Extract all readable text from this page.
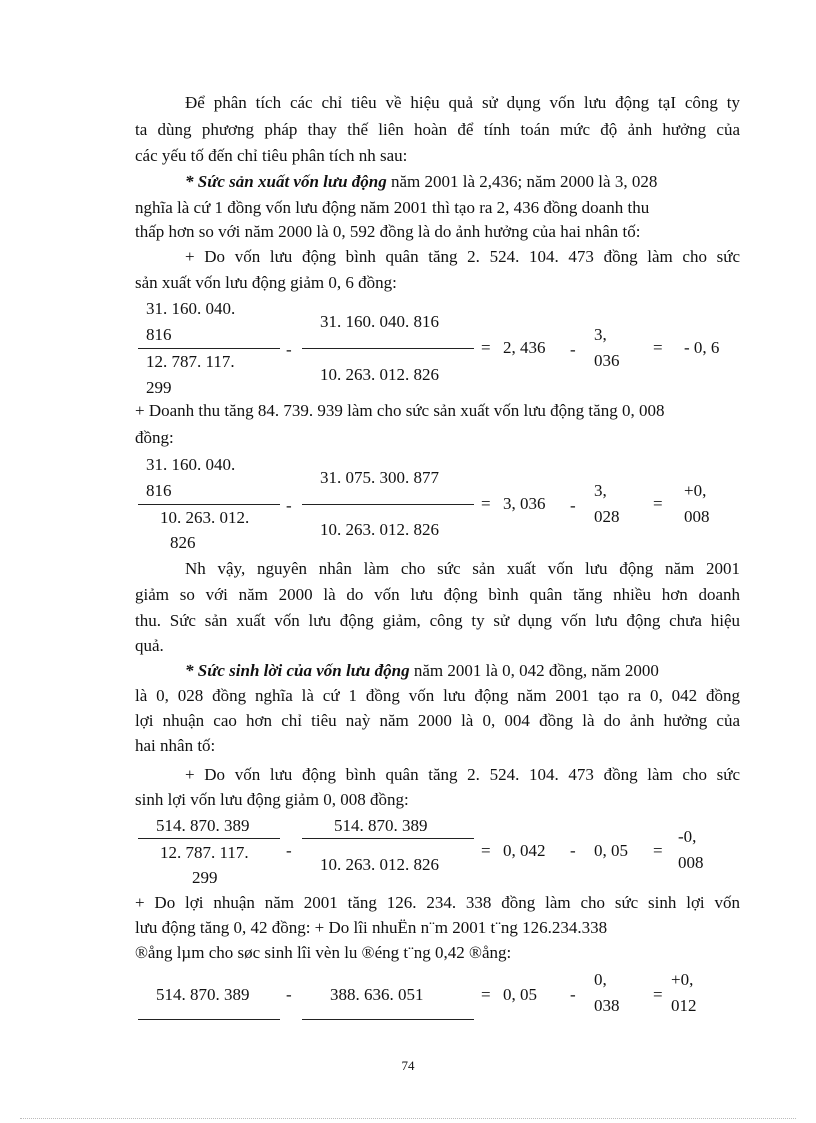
Để phân tích các chỉ tiêu về hiệu quả sử dụng vốn lưu động tạI công ty
ta dùng phương pháp thay thế liên hoàn để tính toán mức độ ảnh hưởng của
các yếu tố đến chỉ tiêu phân tích nh sau:
* Sức sản xuất vốn lưu động năm 2001 là 2,436; năm 2000 là 3, 028
nghĩa là cứ 1 đồng vốn lưu động năm 2001 thì tạo ra 2, 436 đồng doanh thu
thấp hơn so với năm 2000 là 0, 592 đồng là do ảnh hưởng của hai nhân tố:
+ Do vốn lưu động bình quân tăng 2. 524. 104. 473 đồng làm cho sức
sản xuất vốn lưu động giảm 0, 6 đồng:
31. 160. 040.
816
12. 787. 117.
299
-
31. 160. 040. 816
10. 263. 012. 826
= 2, 436 -
3,
036
= - 0, 6
+ Doanh thu tăng 84. 739. 939 làm cho sức sản xuất vốn lưu động tăng 0, 008
đồng:
31. 160. 040.
816
10. 263. 012.
826
-
31. 075. 300. 877
10. 263. 012. 826
= 3, 036 -
3,
028
=
+0,
008
Nh vậy, nguyên nhân làm cho sức sản xuất vốn lưu động năm 2001
giảm so với năm 2000 là do vốn lưu động bình quân tăng nhiều hơn doanh
thu. Sức sản xuất vốn lưu động giảm, công ty sử dụng vốn lưu động chưa hiệu
quả.
* Sức sinh lời của vốn lưu động năm 2001 là 0, 042 đồng, năm 2000
là 0, 028 đồng nghĩa là cứ 1 đồng vốn lưu động năm 2001 tạo ra 0, 042 đồng
lợi nhuận cao hơn chỉ tiêu naỳ năm 2000 là 0, 004 đồng là do ảnh hưởng của
hai nhân tố:
+ Do vốn lưu động bình quân tăng 2. 524. 104. 473 đồng làm cho sức
sinh lợi vốn lưu động giảm 0, 008 đồng:
514. 870. 389
12. 787. 117.
299
-
514. 870. 389
10. 263. 012. 826
= 0, 042 - 0, 05 =
-0,
008
+ Do lợi nhuận năm 2001 tăng 126. 234. 338 đồng làm cho sức sinh lợi vốn
lưu động tăng 0, 42 đồng: + Do lîi nhuËn n¨m 2001 t¨ng 126.234.338
®ång lµm cho søc sinh lîi vèn lu ®éng t¨ng 0,42 ®ång:
514. 870. 389 - 388. 636. 051	= 0, 05 -
0,
038
=
+0,
012
74
